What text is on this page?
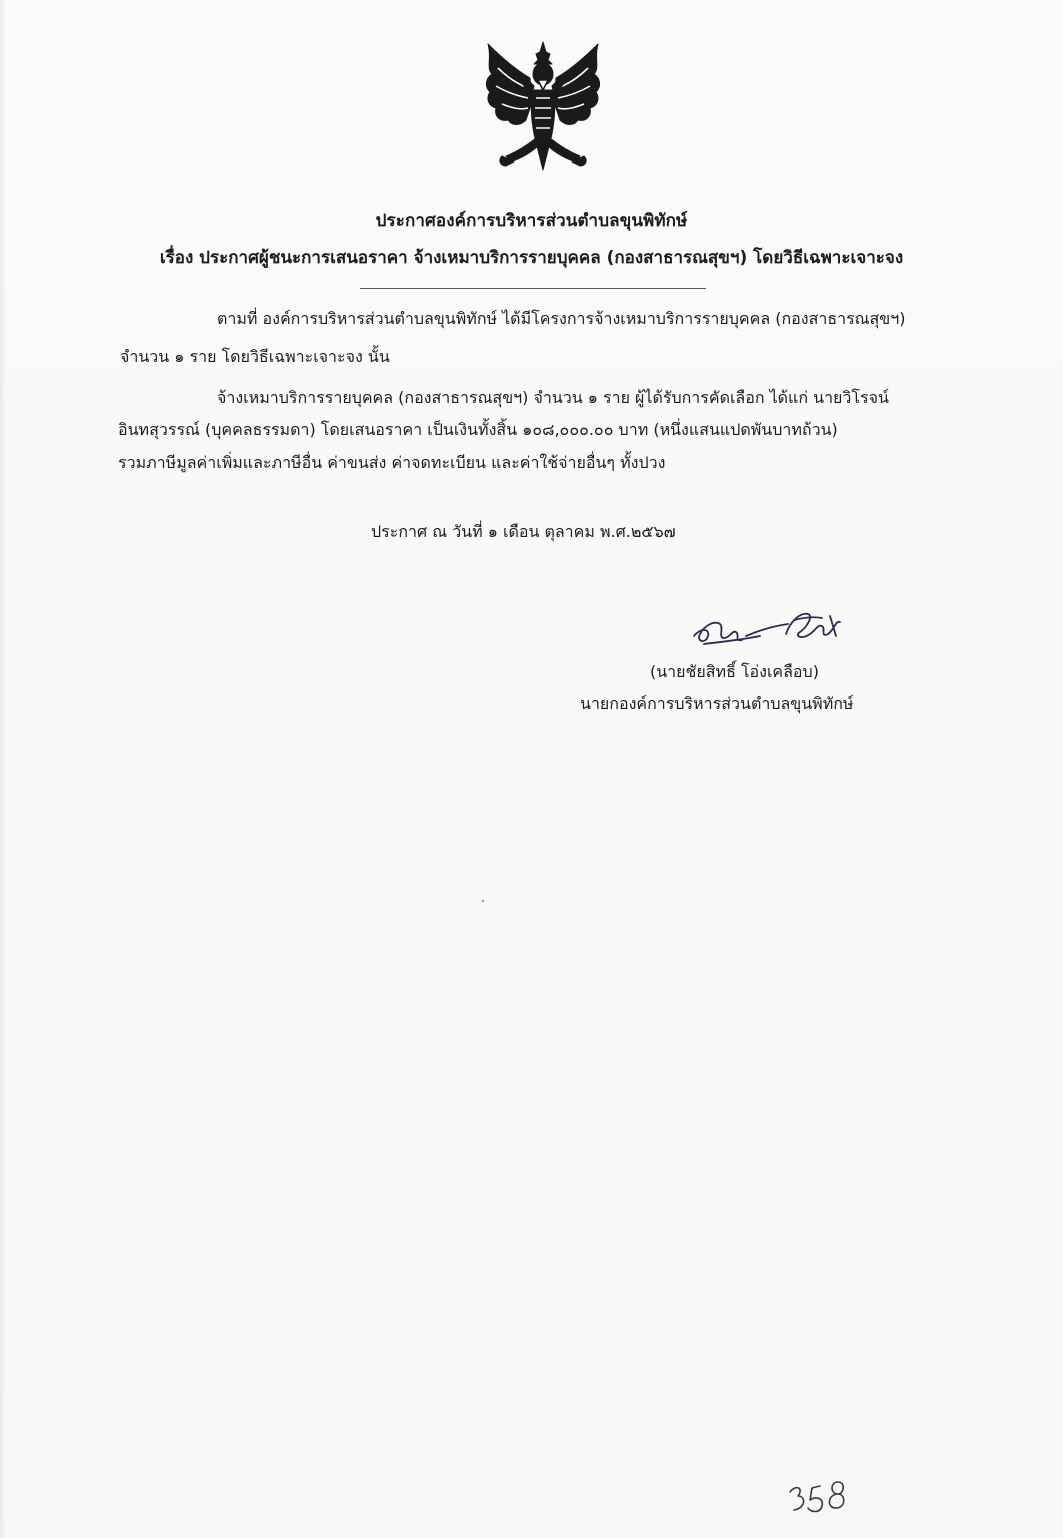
ประกาศองค์การบริหารส่วนตำบลขุนพิทักษ์
เรื่อง ประกาศผู้ชนะการเสนอราคา จ้างเหมาบริการรายบุคคล (กองสาธารณสุขฯ) โดยวิธีเฉพาะเจาะจง
ตามที่ องค์การบริหารส่วนตำบลขุนพิทักษ์ ได้มีโครงการจ้างเหมาบริการรายบุคคล (กองสาธารณสุขฯ)
จำนวน ๑ ราย โดยวิธีเฉพาะเจาะจง นั้น
จ้างเหมาบริการรายบุคคล (กองสาธารณสุขฯ) จำนวน ๑ ราย ผู้ได้รับการคัดเลือก ได้แก่ นายวิโรจน์
อินทสุวรรณ์ (บุคคลธรรมดา) โดยเสนอราคา เป็นเงินทั้งสิ้น ๑๐๘,๐๐๐.๐๐ บาท (หนึ่งแสนแปดพันบาทถ้วน)
รวมภาษีมูลค่าเพิ่มและภาษีอื่น ค่าขนส่ง ค่าจดทะเบียน และค่าใช้จ่ายอื่นๆ ทั้งปวง
ประกาศ ณ วันที่ ๑ เดือน ตุลาคม พ.ศ.๒๕๖๗
(นายชัยสิทธิ์ โอ่งเคลือบ)
นายกองค์การบริหารส่วนตำบลขุนพิทักษ์
